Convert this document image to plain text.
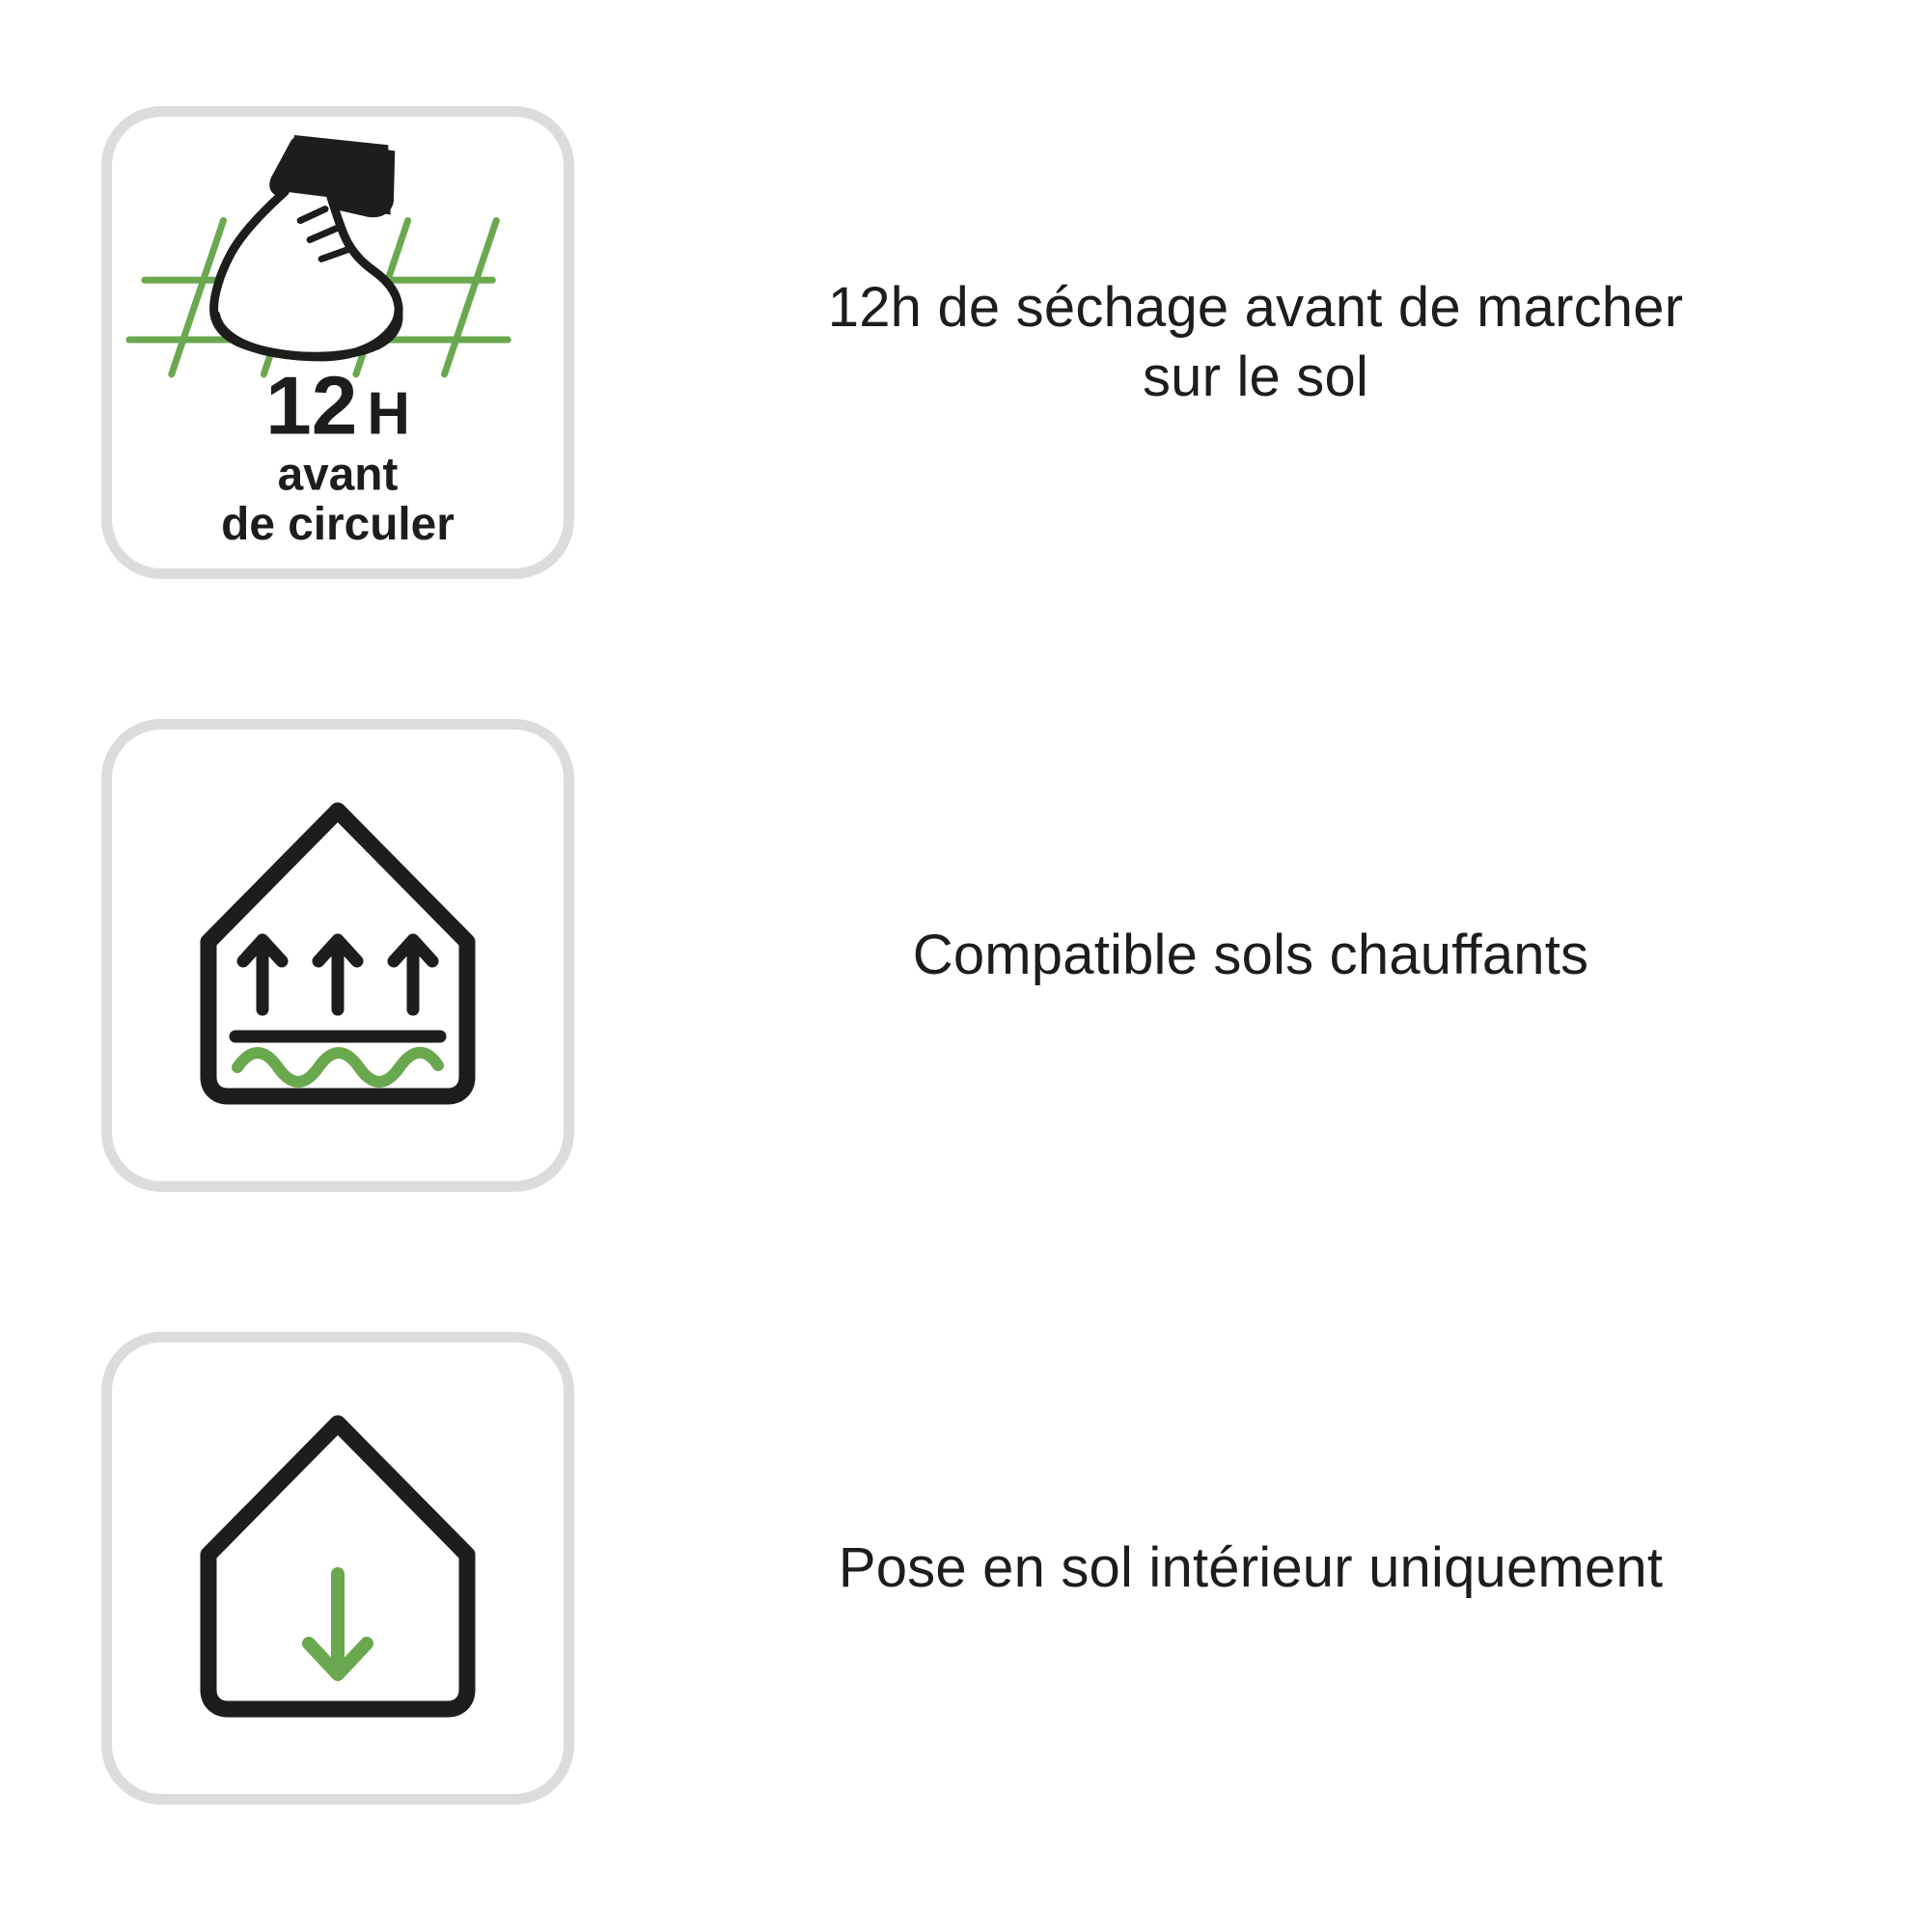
12 H
avant
de circuler
12h de séchage avant de marcher sur le sol
Compatible sols chauffants
Pose en sol intérieur uniquement
